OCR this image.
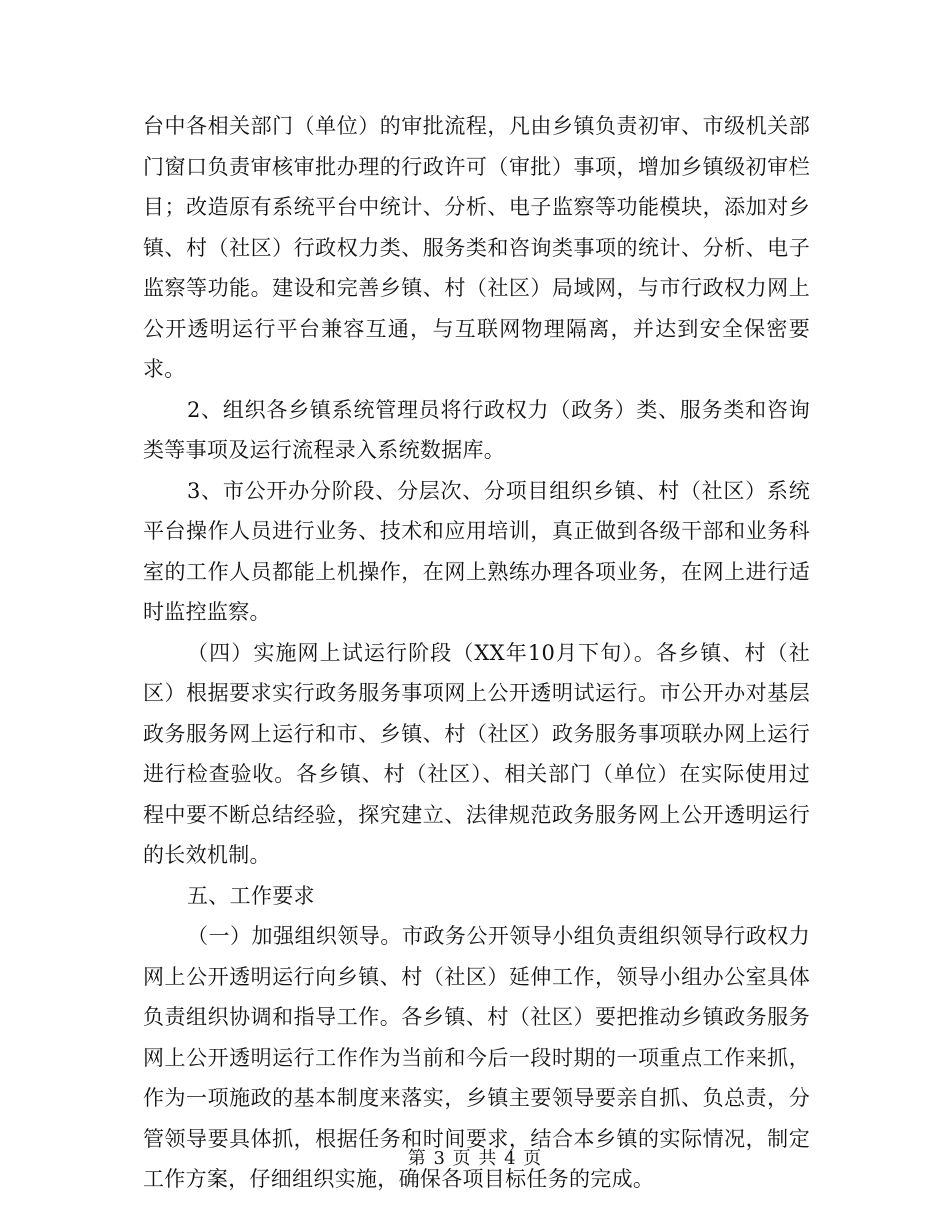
台中各相关部门（单位）的审批流程，凡由乡镇负责初审、市级机关部门窗口负责审核审批办理的行政许可（审批）事项，增加乡镇级初审栏目；改造原有系统平台中统计、分析、电子监察等功能模块，添加对乡镇、村（社区）行政权力类、服务类和咨询类事项的统计、分析、电子监察等功能。建设和完善乡镇、村（社区）局域网，与市行政权力网上公开透明运行平台兼容互通，与互联网物理隔离，并达到安全保密要求。

2、组织各乡镇系统管理员将行政权力（政务）类、服务类和咨询类等事项及运行流程录入系统数据库。

3、市公开办分阶段、分层次、分项目组织乡镇、村（社区）系统平台操作人员进行业务、技术和应用培训，真正做到各级干部和业务科室的工作人员都能上机操作，在网上熟练办理各项业务，在网上进行适时监控监察。

（四）实施网上试运行阶段（XX年10月下旬）。各乡镇、村（社区）根据要求实行政务服务事项网上公开透明试运行。市公开办对基层政务服务网上运行和市、乡镇、村（社区）政务服务事项联办网上运行进行检查验收。各乡镇、村（社区）、相关部门（单位）在实际使用过程中要不断总结经验，探究建立、法律规范政务服务网上公开透明运行的长效机制。

五、工作要求

（一）加强组织领导。市政务公开领导小组负责组织领导行政权力网上公开透明运行向乡镇、村（社区）延伸工作，领导小组办公室具体负责组织协调和指导工作。各乡镇、村（社区）要把推动乡镇政务服务网上公开透明运行工作作为当前和今后一段时期的一项重点工作来抓，作为一项施政的基本制度来落实，乡镇主要领导要亲自抓、负总责，分管领导要具体抓，根据任务和时间要求，结合本乡镇的实际情况，制定工作方案，仔细组织实施，确保各项目标任务的完成。

第 3 页 共 4 页
